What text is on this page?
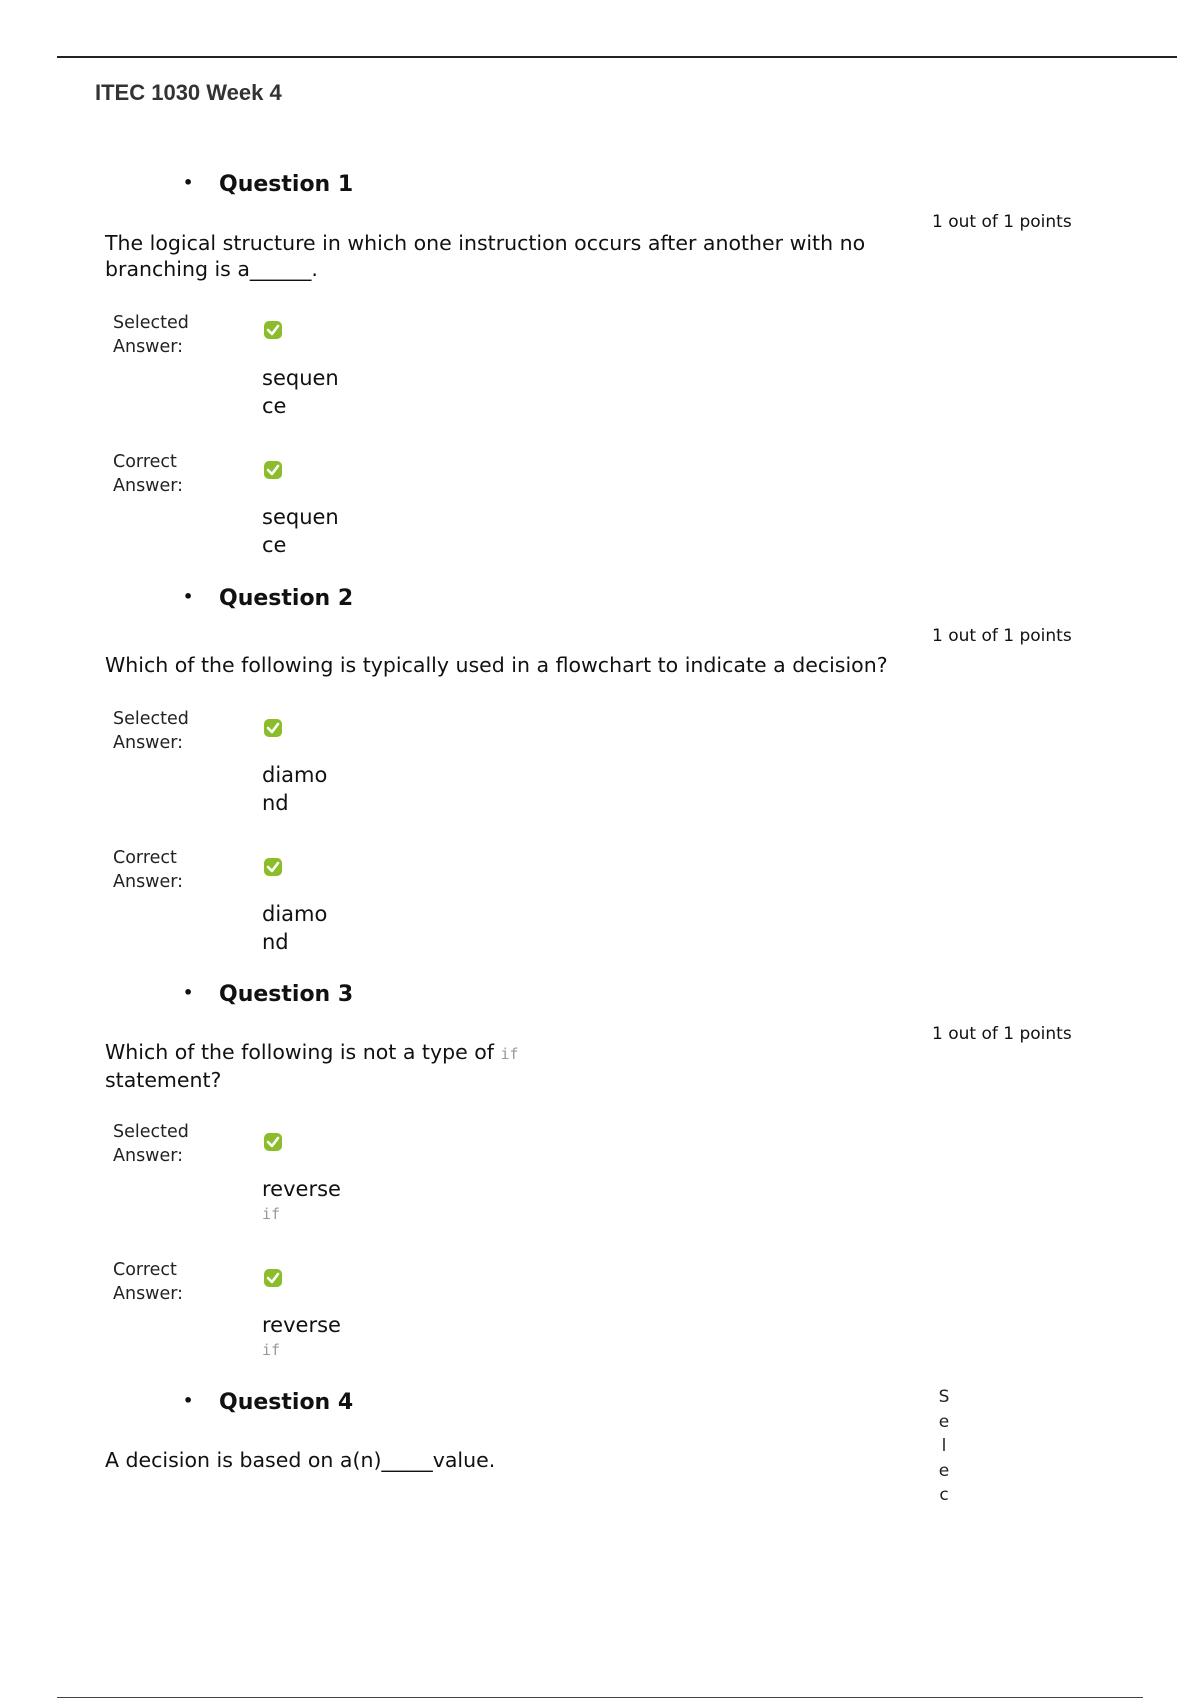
ITEC 1030 Week 4
• Question 1
1 out of 1 points
The logical structure in which one instruction occurs after another with no
branching is a______.
Selected
Answer:
sequen
ce
Correct
Answer:
sequen
ce
• Question 2
1 out of 1 points
Which of the following is typically used in a flowchart to indicate a decision?
Selected
Answer:
diamo
nd
Correct
Answer:
diamo
nd
• Question 3
1 out of 1 points
Which of the following is not a type of if
statement?
Selected
Answer:
reverse
if
Correct
Answer:
reverse
if
• Question 4
A decision is based on a(n)_____value.
S
e
l
e
c
